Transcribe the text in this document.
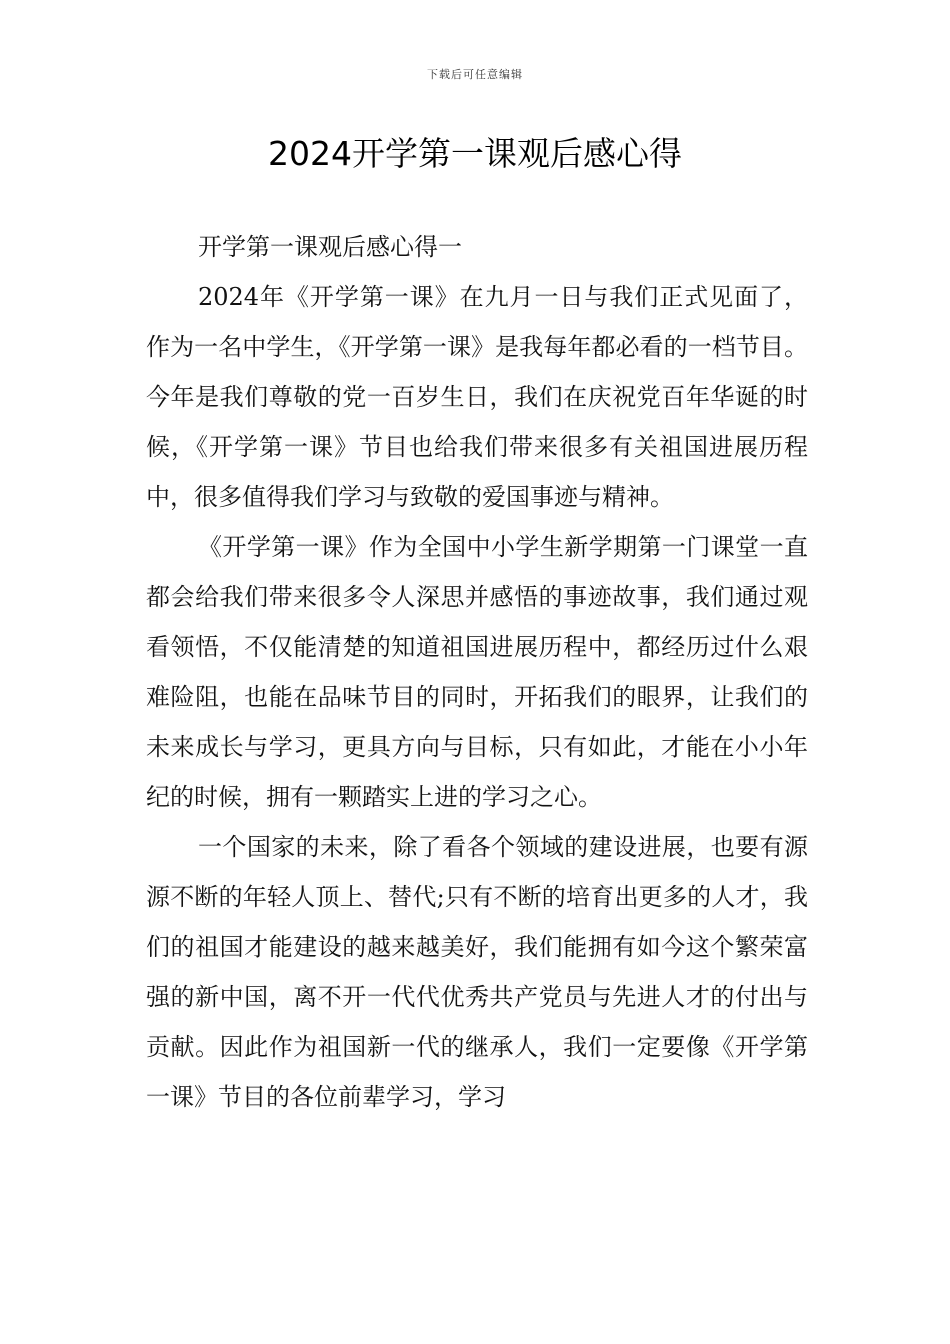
下载后可任意编辑
2024开学第一课观后感心得

开学第一课观后感心得一

2024年《开学第一课》在九月一日与我们正式见面了，作为一名中学生，《开学第一课》是我每年都必看的一档节目。今年是我们尊敬的党一百岁生日，我们在庆祝党百年华诞的时候，《开学第一课》节目也给我们带来很多有关祖国进展历程中，很多值得我们学习与致敬的爱国事迹与精神。

《开学第一课》作为全国中小学生新学期第一门课堂一直都会给我们带来很多令人深思并感悟的事迹故事，我们通过观看领悟，不仅能清楚的知道祖国进展历程中，都经历过什么艰难险阻，也能在品味节目的同时，开拓我们的眼界，让我们的未来成长与学习，更具方向与目标，只有如此，才能在小小年纪的时候，拥有一颗踏实上进的学习之心。

一个国家的未来，除了看各个领域的建设进展，也要有源源不断的年轻人顶上、替代;只有不断的培育出更多的人才，我们的祖国才能建设的越来越美好，我们能拥有如今这个繁荣富强的新中国，离不开一代代优秀共产党员与先进人才的付出与贡献。因此作为祖国新一代的继承人，我们一定要像《开学第一课》节目的各位前辈学习，学习
